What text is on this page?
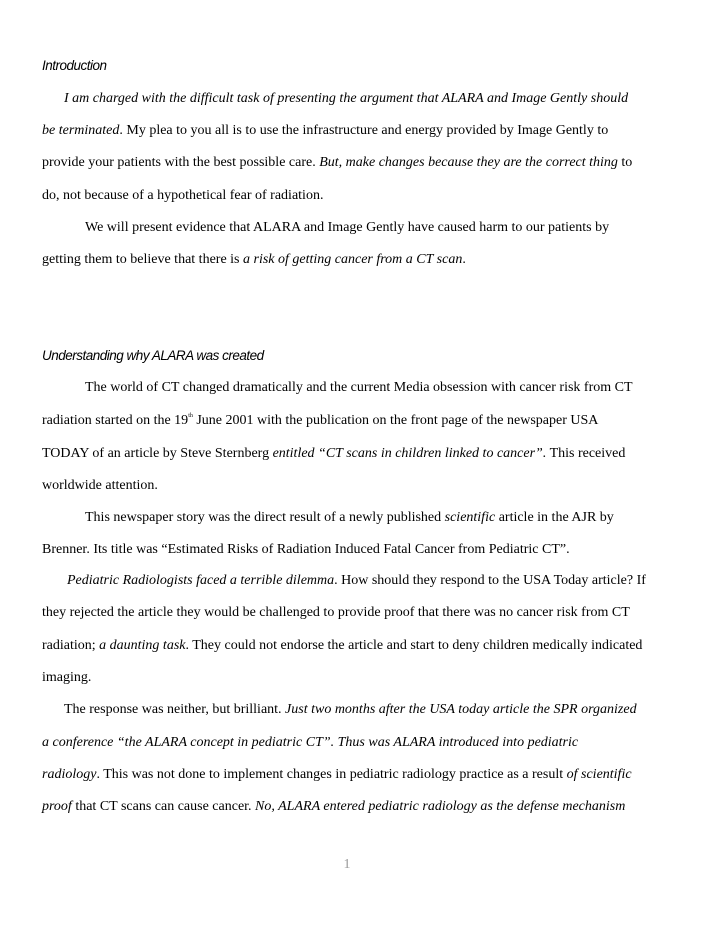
Introduction
I am charged with the difficult task of presenting the argument that ALARA and Image Gently should
be terminated. My plea to you all is to use the infrastructure and energy provided by Image Gently to
provide your patients with the best possible care. But, make changes because they are the correct thing to
do, not because of a hypothetical fear of radiation.
We will present evidence that ALARA and Image Gently have caused harm to our patients by
getting them to believe that there is a risk of getting cancer from a CT scan.
Understanding why ALARA was created
The world of CT changed dramatically and the current Media obsession with cancer risk from CT
radiation started on the 19th June 2001 with the publication on the front page of the newspaper USA
TODAY of an article by Steve Sternberg entitled “CT scans in children linked to cancer”. This received
worldwide attention.
This newspaper story was the direct result of a newly published scientific article in the AJR by
Brenner. Its title was “Estimated Risks of Radiation Induced Fatal Cancer from Pediatric CT”.
Pediatric Radiologists faced a terrible dilemma. How should they respond to the USA Today article? If
they rejected the article they would be challenged to provide proof that there was no cancer risk from CT
radiation; a daunting task. They could not endorse the article and start to deny children medically indicated
imaging.
The response was neither, but brilliant. Just two months after the USA today article the SPR organized
a conference “the ALARA concept in pediatric CT”. Thus was ALARA introduced into pediatric
radiology. This was not done to implement changes in pediatric radiology practice as a result of scientific
proof that CT scans can cause cancer. No, ALARA entered pediatric radiology as the defense mechanism
1
